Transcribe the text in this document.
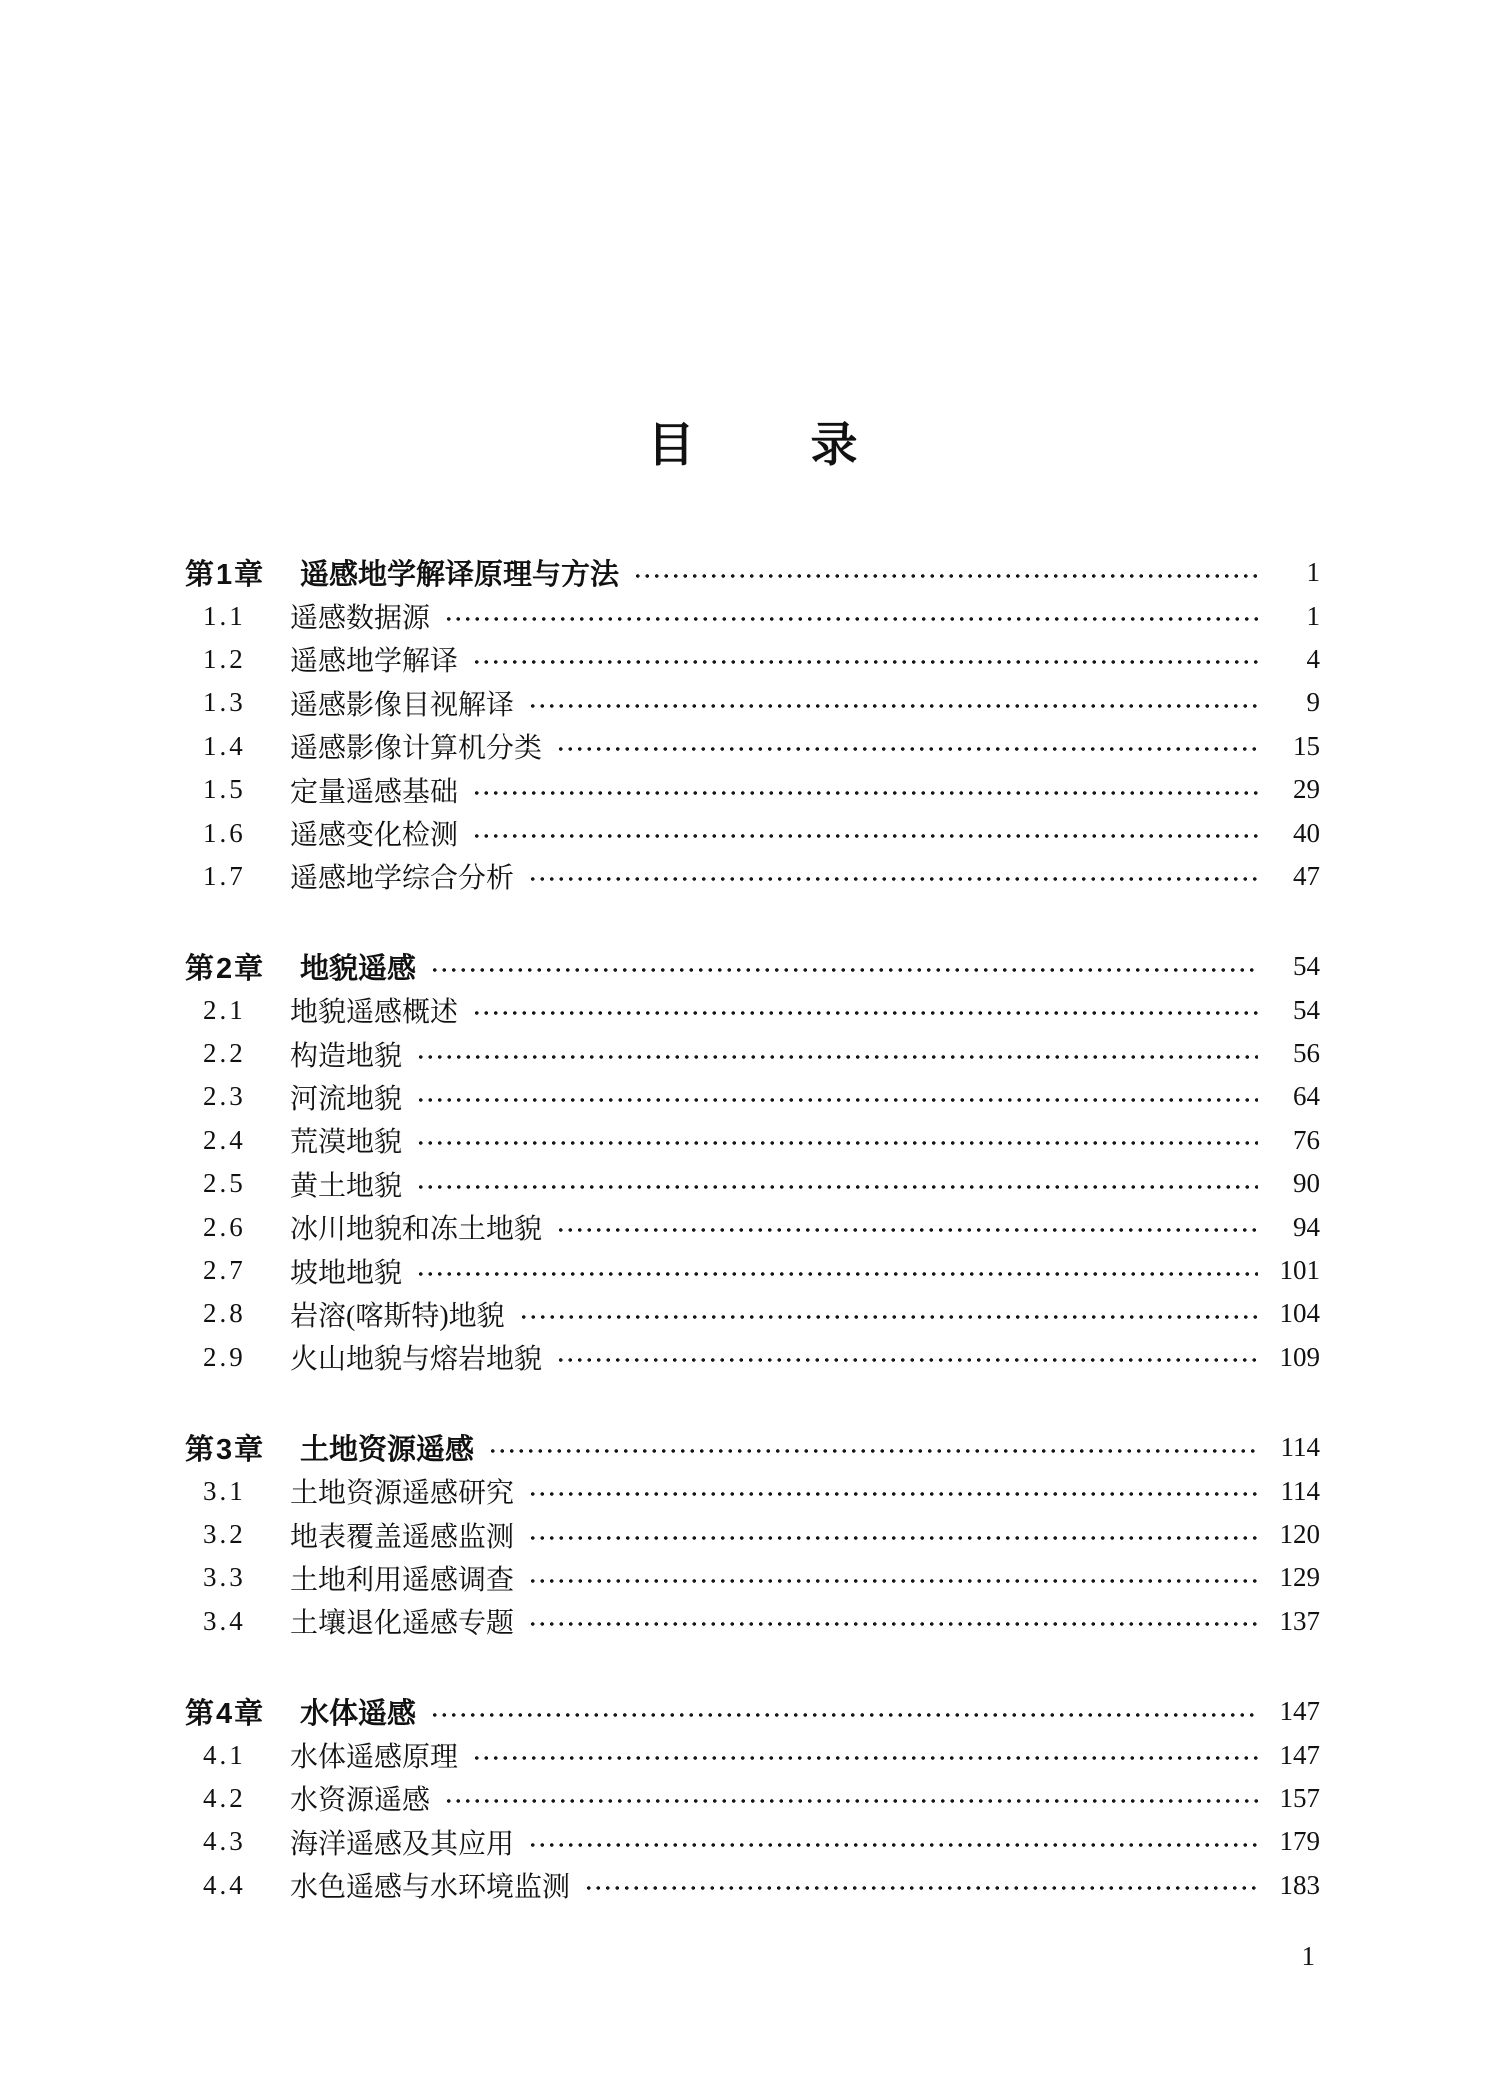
目 录
第1章	遥感地学解译原理与方法	1
1.1	遥感数据源	1
1.2	遥感地学解译	4
1.3	遥感影像目视解译	9
1.4	遥感影像计算机分类	15
1.5	定量遥感基础	29
1.6	遥感变化检测	40
1.7	遥感地学综合分析	47
第2章	地貌遥感	54
2.1	地貌遥感概述	54
2.2	构造地貌	56
2.3	河流地貌	64
2.4	荒漠地貌	76
2.5	黄土地貌	90
2.6	冰川地貌和冻土地貌	94
2.7	坡地地貌	101
2.8	岩溶(喀斯特)地貌	104
2.9	火山地貌与熔岩地貌	109
第3章	土地资源遥感	114
3.1	土地资源遥感研究	114
3.2	地表覆盖遥感监测	120
3.3	土地利用遥感调查	129
3.4	土壤退化遥感专题	137
第4章	水体遥感	147
4.1	水体遥感原理	147
4.2	水资源遥感	157
4.3	海洋遥感及其应用	179
4.4	水色遥感与水环境监测	183
1
